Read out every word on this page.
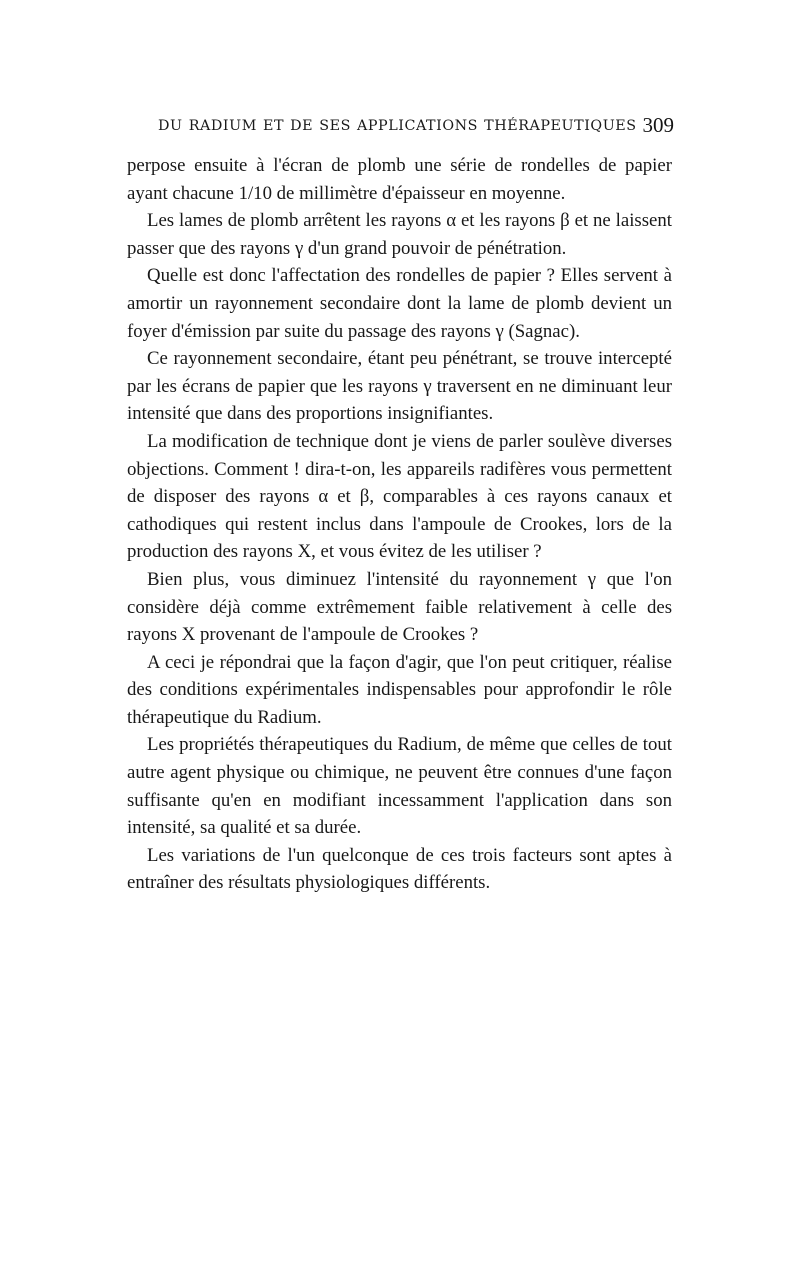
DU RADIUM ET DE SES APPLICATIONS THÉRAPEUTIQUES 309

perpose ensuite à l'écran de plomb une série de rondelles de papier ayant chacune 1/10 de millimètre d'épaisseur en moyenne.

Les lames de plomb arrêtent les rayons α et les rayons β et ne laissent passer que des rayons γ d'un grand pouvoir de pénétration.

Quelle est donc l'affectation des rondelles de papier ? Elles servent à amortir un rayonnement secondaire dont la lame de plomb devient un foyer d'émission par suite du passage des rayons γ (Sagnac).

Ce rayonnement secondaire, étant peu pénétrant, se trouve intercepté par les écrans de papier que les rayons γ traversent en ne diminuant leur intensité que dans des proportions insignifiantes.

La modification de technique dont je viens de parler soulève diverses objections. Comment ! dira-t-on, les appareils radifères vous permettent de disposer des rayons α et β, comparables à ces rayons canaux et cathodiques qui restent inclus dans l'ampoule de Crookes, lors de la production des rayons X, et vous évitez de les utiliser ?

Bien plus, vous diminuez l'intensité du rayonnement γ que l'on considère déjà comme extrêmement faible relativement à celle des rayons X provenant de l'ampoule de Crookes ?

A ceci je répondrai que la façon d'agir, que l'on peut critiquer, réalise des conditions expérimentales indispensables pour approfondir le rôle thérapeutique du Radium.

Les propriétés thérapeutiques du Radium, de même que celles de tout autre agent physique ou chimique, ne peuvent être connues d'une façon suffisante qu'en en modifiant incessamment l'application dans son intensité, sa qualité et sa durée.

Les variations de l'un quelconque de ces trois facteurs sont aptes à entraîner des résultats physiologiques différents.
